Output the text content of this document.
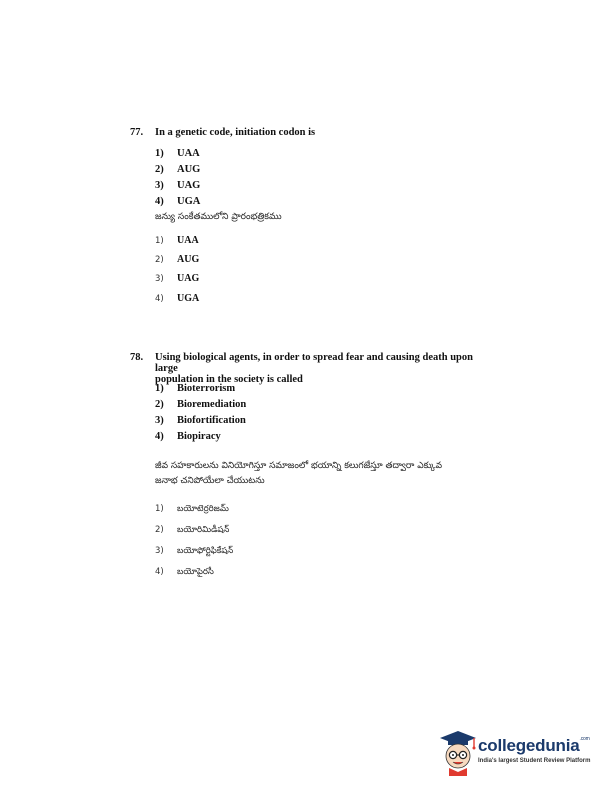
77.	In a genetic code, initiation codon is
1) UAA
2) AUG
3) UAG
4) UGA
జన్యు సంకేతములోని ప్రారంభత్రికము
1) UAA
2) AUG
3) UAG
4) UGA
78.	Using biological agents, in order to spread fear and causing death upon large
population in the society is called
1) Bioterrorism
2) Bioremediation
3) Biofortification
4) Biopiracy
జీవ సహకారులను వినియోగిస్తూ సమాజంలో భయాన్ని కలుగజేస్తూ తద్వారా ఎక్కువ
జనాభ చనిపోయేలా చేయుటను
1) బయోటెర్రరిజమ్
2) బయోరిమిడీషన్
3) బయోఫోర్టిఫికేషన్
4) బయోపైరసీ
collegedunia$^{.com}$
India's largest Student Review Platform
